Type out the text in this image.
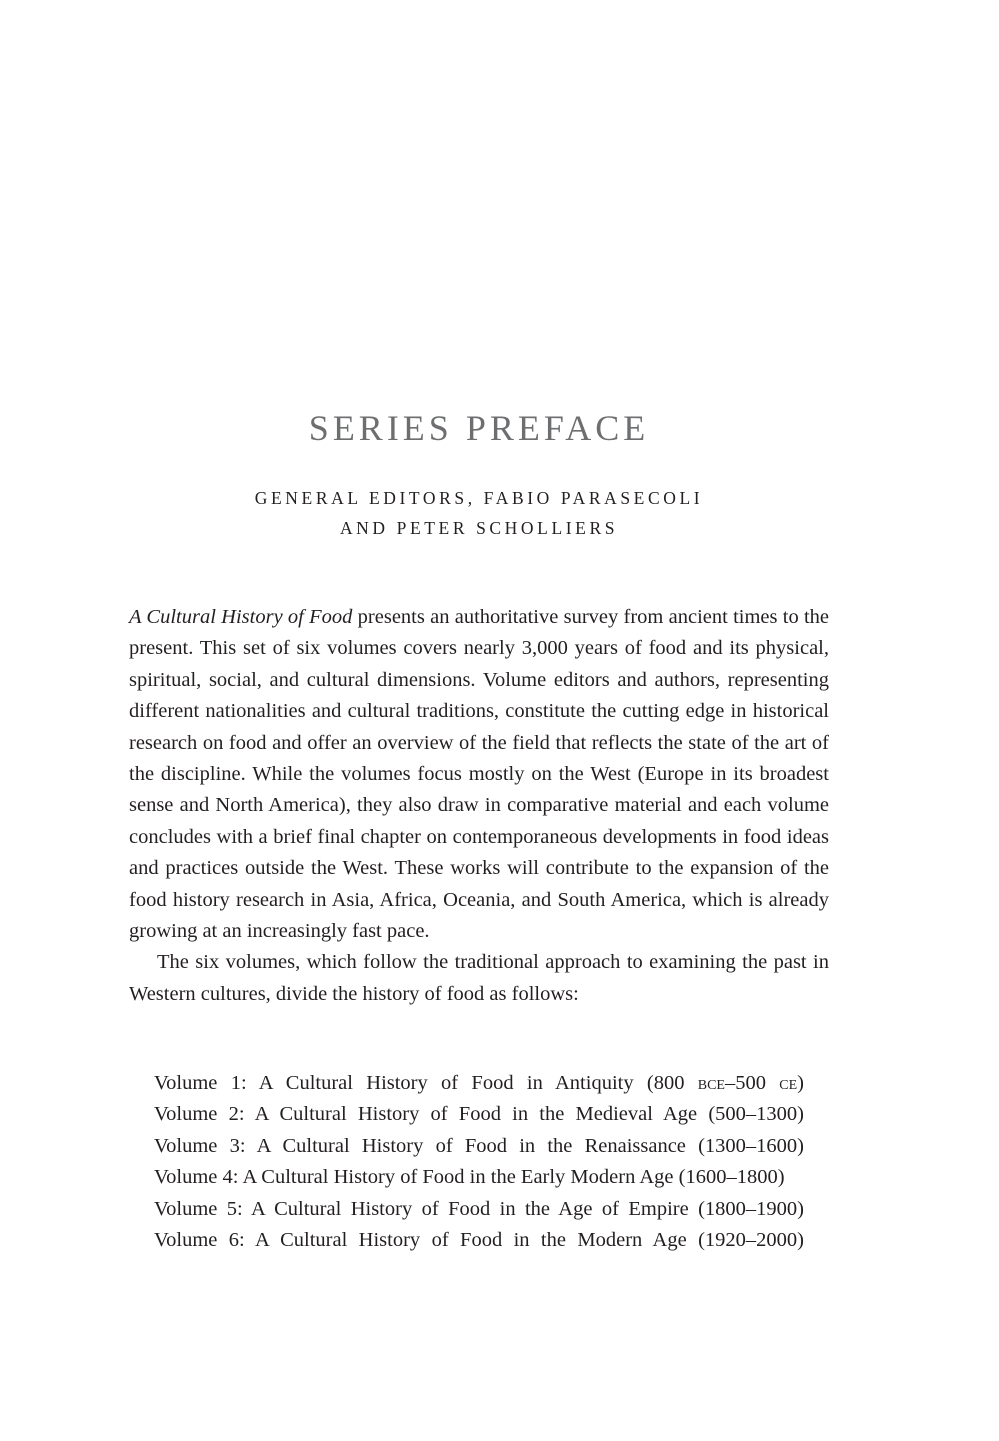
SERIES PREFACE
GENERAL EDITORS, FABIO PARASECOLI
AND PETER SCHOLLIERS

A Cultural History of Food presents an authoritative survey from ancient times to the present. This set of six volumes covers nearly 3,000 years of food and its physical, spiritual, social, and cultural dimensions. Volume editors and authors, representing different nationalities and cultural traditions, constitute the cutting edge in historical research on food and offer an overview of the field that reflects the state of the art of the discipline. While the volumes focus mostly on the West (Europe in its broadest sense and North America), they also draw in comparative material and each volume concludes with a brief final chapter on contemporaneous developments in food ideas and practices outside the West. These works will contribute to the expansion of the food history research in Asia, Africa, Oceania, and South America, which is already growing at an increasingly fast pace.

The six volumes, which follow the traditional approach to examining the past in Western cultures, divide the history of food as follows:

Volume 1: A Cultural History of Food in Antiquity (800 bce–500 ce)
Volume 2: A Cultural History of Food in the Medieval Age (500–1300)
Volume 3: A Cultural History of Food in the Renaissance (1300–1600)
Volume 4: A Cultural History of Food in the Early Modern Age (1600–1800)
Volume 5: A Cultural History of Food in the Age of Empire (1800–1900)
Volume 6: A Cultural History of Food in the Modern Age (1920–2000)
